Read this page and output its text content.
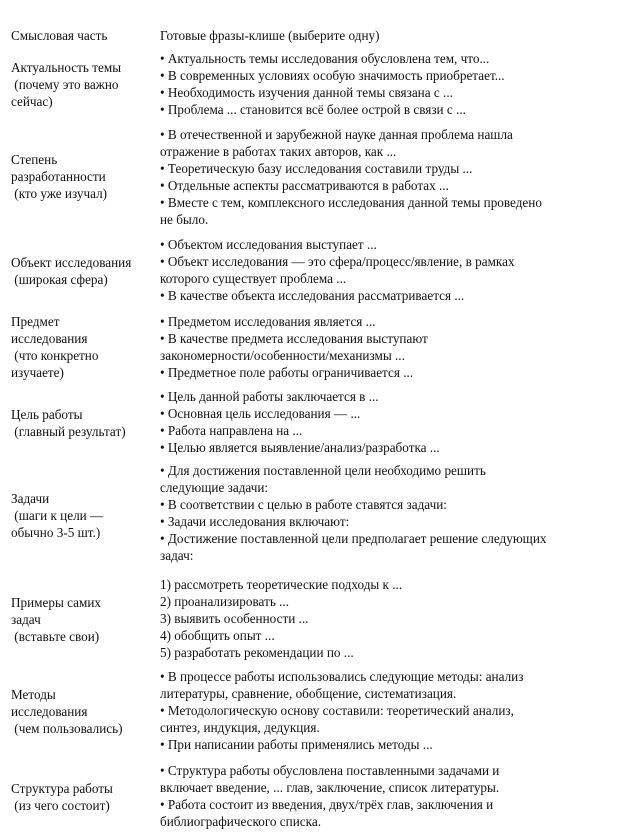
Смысловая часть	Готовые фразы-клише (выберите одну)
Актуальность темы
(почему это важно
сейчас)
• Актуальность темы исследования обусловлена тем, что...
• В современных условиях особую значимость приобретает...
• Необходимость изучения данной темы связана с ...
• Проблема ... становится всё более острой в связи с ...
Степень
разработанности
(кто уже изучал)
• В отечественной и зарубежной науке данная проблема нашла
отражение в работах таких авторов, как ...
• Теоретическую базу исследования составили труды ...
• Отдельные аспекты рассматриваются в работах ...
• Вместе с тем, комплексного исследования данной темы проведено
не было.
Объект исследования
(широкая сфера)
• Объектом исследования выступает ...
• Объект исследования — это сфера/процесс/явление, в рамках
которого существует проблема ...
• В качестве объекта исследования рассматривается ...
Предмет
исследования
(что конкретно
изучаете)
• Предметом исследования является ...
• В качестве предмета исследования выступают
закономерности/особенности/механизмы ...
• Предметное поле работы ограничивается ...
Цель работы
(главный результат)
• Цель данной работы заключается в ...
• Основная цель исследования — ...
• Работа направлена на ...
• Целью является выявление/анализ/разработка ...
Задачи
(шаги к цели —
обычно 3-5 шт.)
• Для достижения поставленной цели необходимо решить
следующие задачи:
• В соответствии с целью в работе ставятся задачи:
• Задачи исследования включают:
• Достижение поставленной цели предполагает решение следующих
задач:
Примеры самих
задач
(вставьте свои)
1) рассмотреть теоретические подходы к ...
2) проанализировать ...
3) выявить особенности ...
4) обобщить опыт ...
5) разработать рекомендации по ...
Методы
исследования
(чем пользовались)
• В процессе работы использовались следующие методы: анализ
литературы, сравнение, обобщение, систематизация.
• Методологическую основу составили: теоретический анализ,
синтез, индукция, дедукция.
• При написании работы применялись методы ...
Структура работы
(из чего состоит)
• Структура работы обусловлена поставленными задачами и
включает введение, ... глав, заключение, список литературы.
• Работа состоит из введения, двух/трёх глав, заключения и
библиографического списка.
